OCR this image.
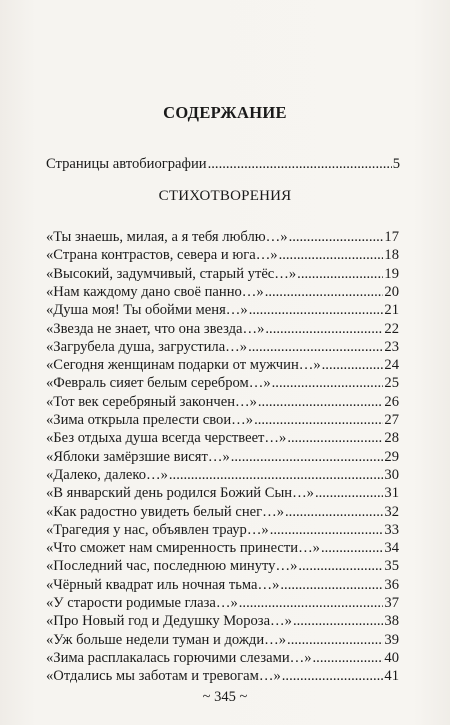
СОДЕРЖАНИЕ
Страницы автобиографии .....	5
СТИХОТВОРЕНИЯ
«Ты знаешь, милая, а я тебя люблю…» .....	17
«Страна контрастов, севера и юга…» .....	18
«Высокий, задумчивый, старый утёс…» .....	19
«Нам каждому дано своё панно…» .....	20
«Душа моя! Ты обойми меня…» .....	21
«Звезда не знает, что она звезда…» .....	22
«Загрубела душа, загрустила…» .....	23
«Сегодня женщинам подарки от мужчин…» .....	24
«Февраль сияет белым серебром…» .....	25
«Тот век серебряный закончен…» .....	26
«Зима открыла прелести свои…» .....	27
«Без отдыха душа всегда черствеет…» .....	28
«Яблоки замёрзшие висят…» .....	29
«Далеко, далеко…» .....	30
«В январский день родился Божий Сын…» .....	31
«Как радостно увидеть белый снег…» .....	32
«Трагедия у нас, объявлен траур…» .....	33
«Что сможет нам смиренность принести…» .....	34
«Последний час, последнюю минуту…» .....	35
«Чёрный квадрат иль ночная тьма…» .....	36
«У старости родимые глаза…» .....	37
«Про Новый год и Дедушку Мороза…» .....	38
«Уж больше недели туман и дожди…» .....	39
«Зима расплакалась горючими слезами…» .....	40
«Отдались мы заботам и тревогам…» .....	41
~ 345 ~
